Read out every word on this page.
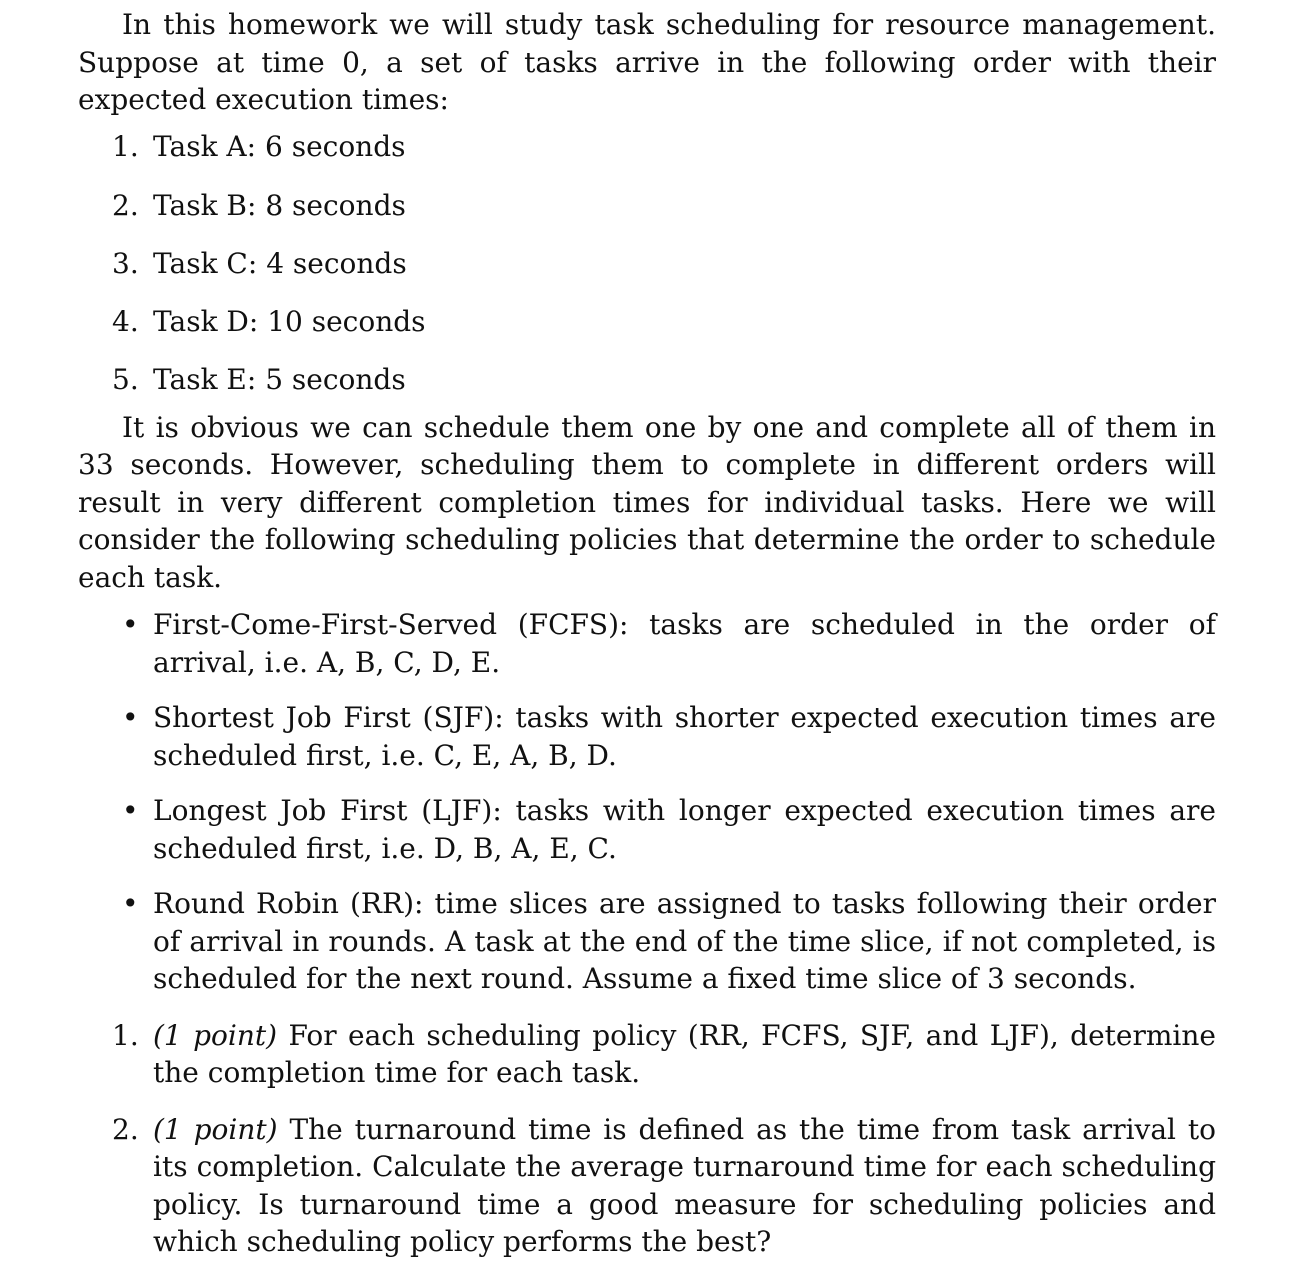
In this homework we will study task scheduling for resource management. Suppose at time 0, a set of tasks arrive in the following order with their expected execution times:

1. Task A: 6 seconds
2. Task B: 8 seconds
3. Task C: 4 seconds
4. Task D: 10 seconds
5. Task E: 5 seconds

It is obvious we can schedule them one by one and complete all of them in 33 seconds. However, scheduling them to complete in different orders will result in very different completion times for individual tasks. Here we will consider the following scheduling policies that determine the order to schedule each task.

• First-Come-First-Served (FCFS): tasks are scheduled in the order of arrival, i.e. A, B, C, D, E.
• Shortest Job First (SJF): tasks with shorter expected execution times are scheduled first, i.e. C, E, A, B, D.
• Longest Job First (LJF): tasks with longer expected execution times are scheduled first, i.e. D, B, A, E, C.
• Round Robin (RR): time slices are assigned to tasks following their order of arrival in rounds. A task at the end of the time slice, if not completed, is scheduled for the next round. Assume a fixed time slice of 3 seconds.
1. (1 point) For each scheduling policy (RR, FCFS, SJF, and LJF), determine the completion time for each task.
2. (1 point) The turnaround time is defined as the time from task arrival to its completion. Calculate the average turnaround time for each scheduling policy. Is turnaround time a good measure for scheduling policies and which scheduling policy performs the best?
